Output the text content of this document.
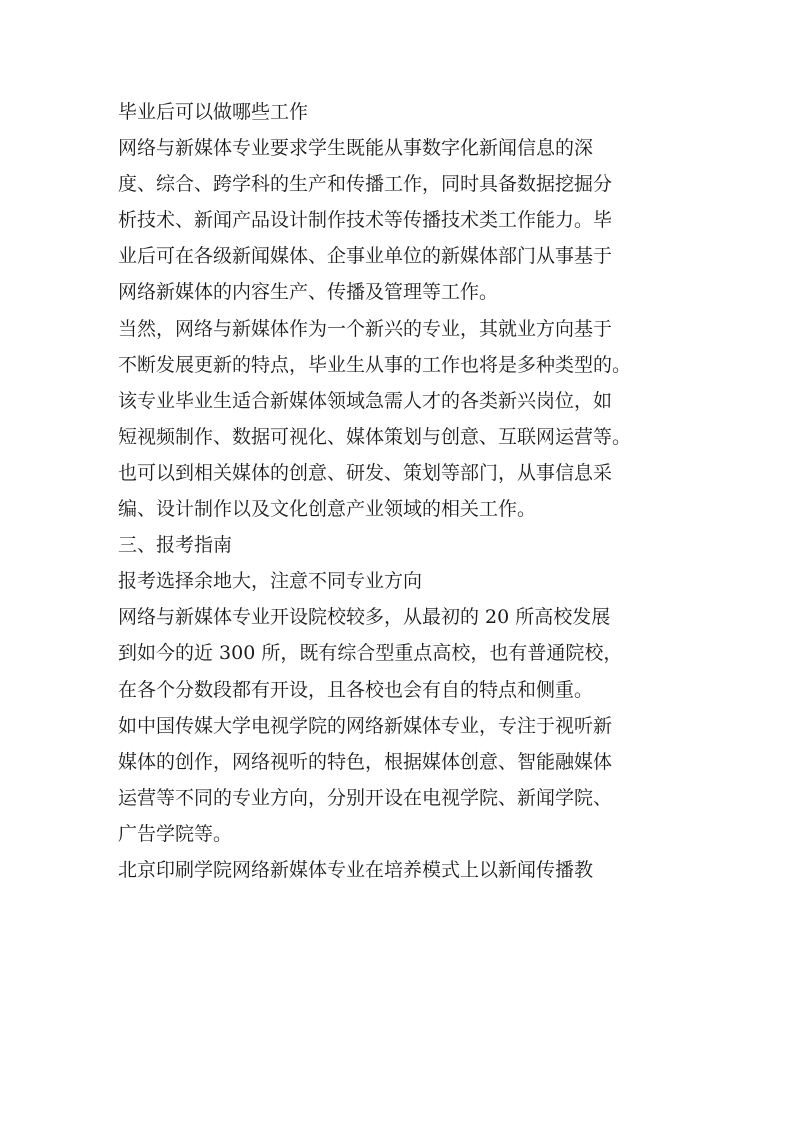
毕业后可以做哪些工作

网络与新媒体专业要求学生既能从事数字化新闻信息的深

度、综合、跨学科的生产和传播工作，同时具备数据挖掘分

析技术、新闻产品设计制作技术等传播技术类工作能力。毕

业后可在各级新闻媒体、企事业单位的新媒体部门从事基于

网络新媒体的内容生产、传播及管理等工作。

当然，网络与新媒体作为一个新兴的专业，其就业方向基于

不断发展更新的特点，毕业生从事的工作也将是多种类型的。

该专业毕业生适合新媒体领域急需人才的各类新兴岗位，如

短视频制作、数据可视化、媒体策划与创意、互联网运营等。

也可以到相关媒体的创意、研发、策划等部门，从事信息采

编、设计制作以及文化创意产业领域的相关工作。

三、报考指南

报考选择余地大，注意不同专业方向

网络与新媒体专业开设院校较多，从最初的 20 所高校发展

到如今的近 300 所，既有综合型重点高校，也有普通院校，

在各个分数段都有开设，且各校也会有自的特点和侧重。

如中国传媒大学电视学院的网络新媒体专业，专注于视听新

媒体的创作，网络视听的特色，根据媒体创意、智能融媒体

运营等不同的专业方向，分别开设在电视学院、新闻学院、

广告学院等。

北京印刷学院网络新媒体专业在培养模式上以新闻传播教
